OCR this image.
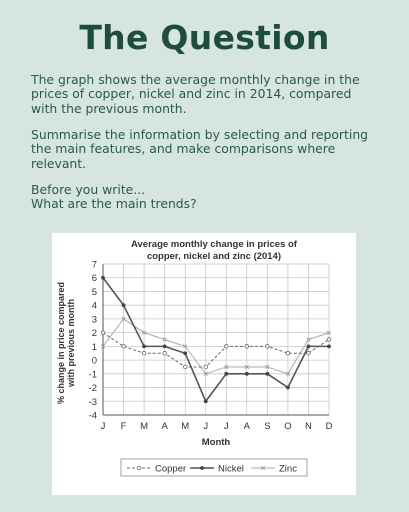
The Question

The graph shows the average monthly change in the prices of copper, nickel and zinc in 2014, compared with the previous month.

Summarise the information by selecting and reporting the main features, and make comparisons where relevant.

Before you write...
What are the main trends?

Average monthly change in prices of
copper, nickel and zinc (2014)
% change in price compared with previous month
Month
-4
-3
-2
-1
0
1
2
3
4
5
6
7
J F M A M J J A S O N D
Copper	Nickel	Zinc
